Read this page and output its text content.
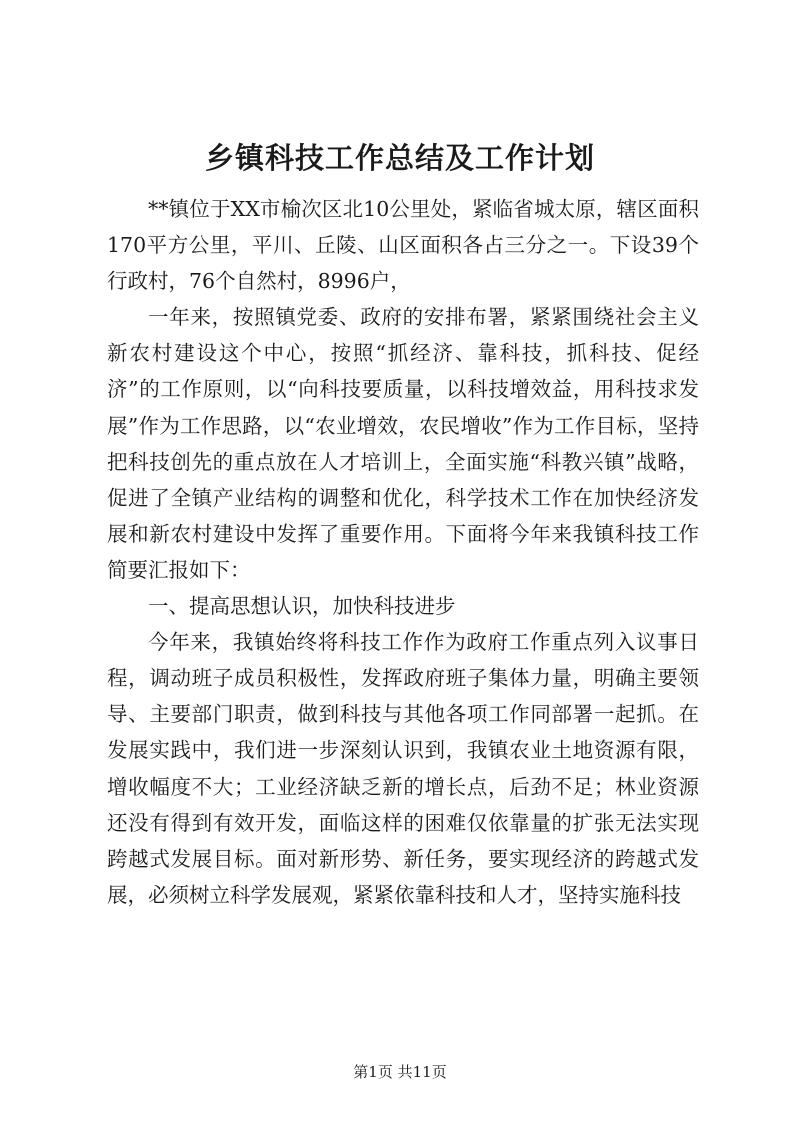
乡镇科技工作总结及工作计划

**镇位于XX市榆次区北10公里处，紧临省城太原，辖区面积170平方公里，平川、丘陵、山区面积各占三分之一。下设39个行政村，76个自然村，8996户，

一年来，按照镇党委、政府的安排布署，紧紧围绕社会主义新农村建设这个中心，按照“抓经济、靠科技，抓科技、促经济”的工作原则，以“向科技要质量，以科技增效益，用科技求发展”作为工作思路，以“农业增效，农民增收”作为工作目标，坚持把科技创先的重点放在人才培训上，全面实施“科教兴镇”战略，促进了全镇产业结构的调整和优化，科学技术工作在加快经济发展和新农村建设中发挥了重要作用。下面将今年来我镇科技工作简要汇报如下：

一、提高思想认识，加快科技进步

今年来，我镇始终将科技工作作为政府工作重点列入议事日程，调动班子成员积极性，发挥政府班子集体力量，明确主要领导、主要部门职责，做到科技与其他各项工作同部署一起抓。在发展实践中，我们进一步深刻认识到，我镇农业土地资源有限，增收幅度不大；工业经济缺乏新的增长点，后劲不足；林业资源还没有得到有效开发，面临这样的困难仅依靠量的扩张无法实现跨越式发展目标。面对新形势、新任务，要实现经济的跨越式发展，必须树立科学发展观，紧紧依靠科技和人才，坚持实施科技

第1页 共11页
